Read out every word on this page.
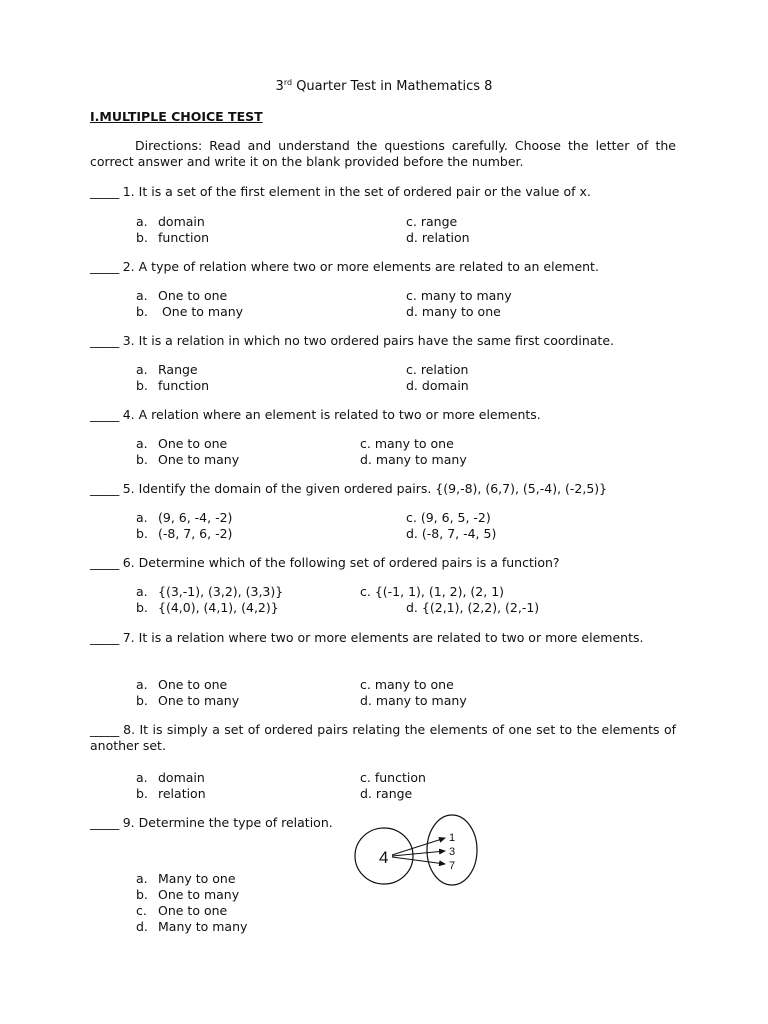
3rd Quarter Test in Mathematics 8
I.MULTIPLE CHOICE TEST
Directions: Read and understand the questions carefully. Choose the letter of the correct answer and write it on the blank provided before the number.
_____ 1. It is a set of the first element in the set of ordered pair or the value of x.
a. domain	c. range
b. function	d. relation
_____ 2. A type of relation where two or more elements are related to an element.
a. One to one	c. many to many
b. One to many	d. many to one
_____ 3. It is a relation in which no two ordered pairs have the same first coordinate.
a. Range	c. relation
b. function	d. domain
_____ 4. A relation where an element is related to two or more elements.
a. One to one	c. many to one
b. One to many	d. many to many
_____ 5. Identify the domain of the given ordered pairs. {(9,-8), (6,7), (5,-4), (-2,5)}
a. (9, 6, -4, -2)	c. (9, 6, 5, -2)
b. (-8, 7, 6, -2)	d. (-8, 7, -4, 5)
_____ 6. Determine which of the following set of ordered pairs is a function?
a. {(3,-1), (3,2), (3,3)}	c. {(-1, 1), (1, 2), (2, 1)
b. {(4,0), (4,1), (4,2)}	d. {(2,1), (2,2), (2,-1)
_____ 7. It is a relation where two or more elements are related to two or more elements.
a. One to one	c. many to one
b. One to many	d. many to many
_____ 8. It is simply a set of ordered pairs relating the elements of one set to the elements of another set.
a. domain	c. function
b. relation	d. range
_____ 9. Determine the type of relation.
a. Many to one
b. One to many
c. One to one
d. Many to many
4
1
3
7
